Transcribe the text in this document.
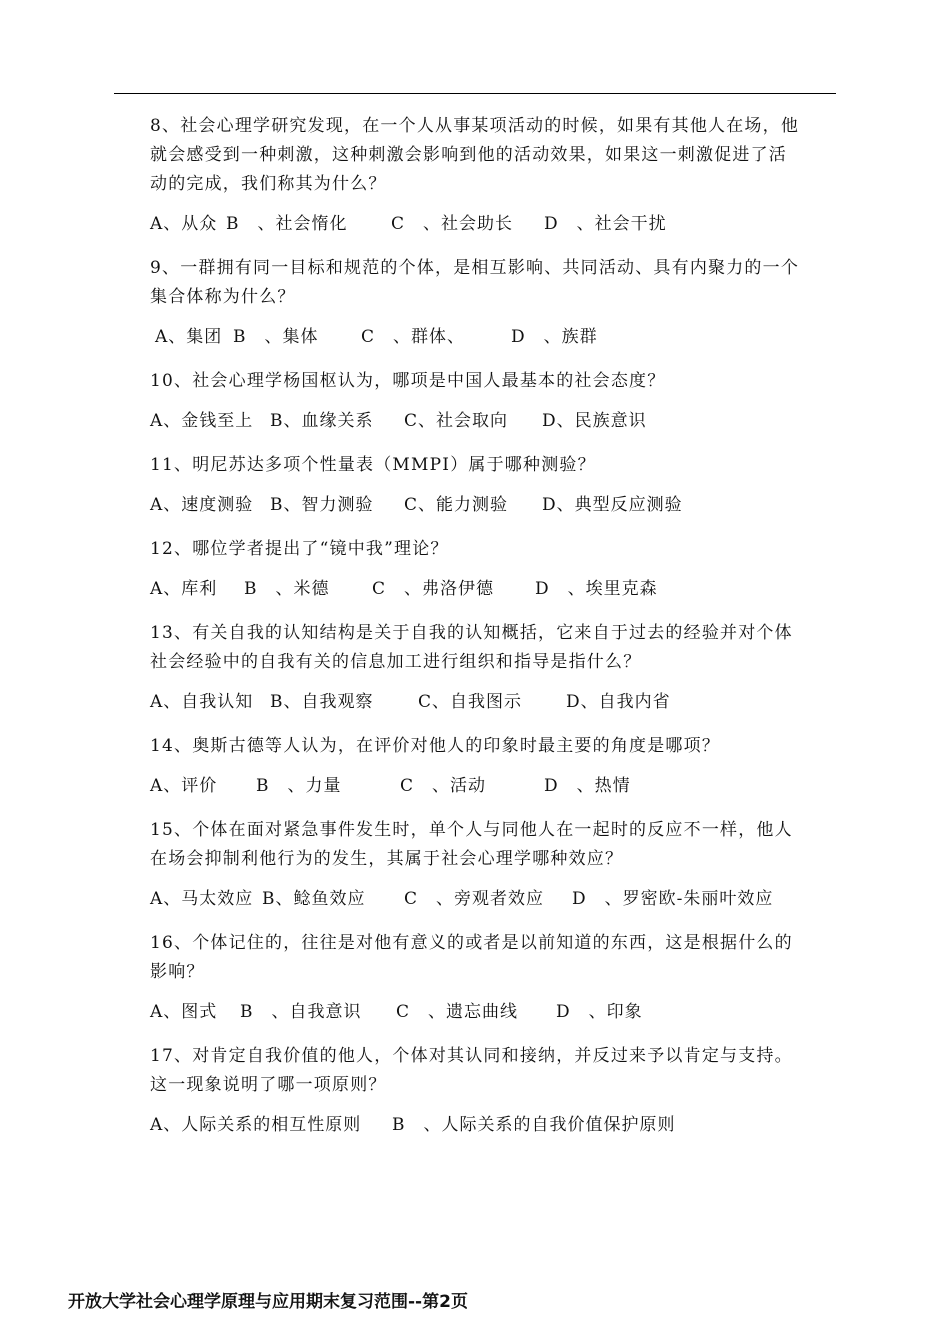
8、社会心理学研究发现，在一个人从事某项活动的时候，如果有其他人在场，他

就会感受到一种刺激，这种刺激会影响到他的活动效果，如果这一刺激促进了活

动的完成，我们称其为什么？

A、从众 B　、社会惰化	C　、社会助长 D　、社会干扰

9、一群拥有同一目标和规范的个体，是相互影响、共同活动、具有内聚力的一个

集合体称为什么？

A、集团 B　、集体	C　、群体、	D　、族群

10、社会心理学杨国枢认为，哪项是中国人最基本的社会态度？

A、金钱至上 B、血缘关系 C、社会取向 D、民族意识

11、明尼苏达多项个性量表（MMPI）属于哪种测验？

A、速度测验 B、智力测验 C、能力测验 D、典型反应测验

12、哪位学者提出了“镜中我”理论？

A、库利 B　、米德	C　、弗洛伊德 D　、埃里克森

13、有关自我的认知结构是关于自我的认知概括，它来自于过去的经验并对个体

社会经验中的自我有关的信息加工进行组织和指导是指什么？

A、自我认知 B、自我观察	C、自我图示	D、自我内省

14、奥斯古德等人认为，在评价对他人的印象时最主要的角度是哪项？

A、评价 B　、力量	C　、活动	D　、热情

15、个体在面对紧急事件发生时，单个人与同他人在一起时的反应不一样，他人

在场会抑制利他行为的发生，其属于社会心理学哪种效应？

A、马太效应 B、鲶鱼效应 C　、旁观者效应 D　、罗密欧-朱丽叶效应

16、个体记住的，往往是对他有意义的或者是以前知道的东西，这是根据什么的

影响？

A、图式 B　、自我意识 C　、遗忘曲线 D　、印象

17、对肯定自我价值的他人，个体对其认同和接纳，并反过来予以肯定与支持。

这一现象说明了哪一项原则？

A、人际关系的相互性原则 B　、人际关系的自我价值保护原则
开放大学社会心理学原理与应用期末复习范围--第2页
